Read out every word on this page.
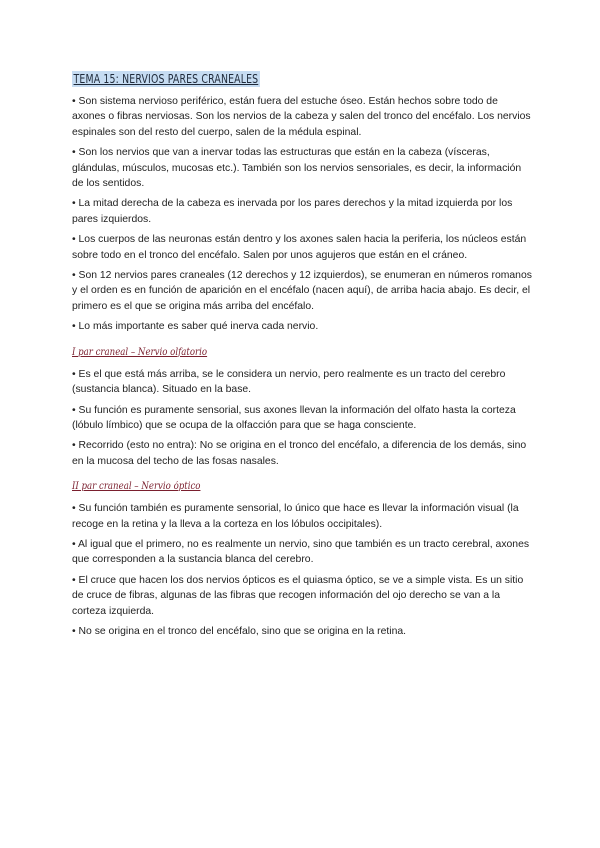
TEMA 15: NERVIOS PARES CRANEALES

• Son sistema nervioso periférico, están fuera del estuche óseo. Están hechos sobre todo de axones o fibras nerviosas. Son los nervios de la cabeza y salen del tronco del encéfalo. Los nervios espinales son del resto del cuerpo, salen de la médula espinal.

• Son los nervios que van a inervar todas las estructuras que están en la cabeza (vísceras, glándulas, músculos, mucosas etc.). También son los nervios sensoriales, es decir, la información de los sentidos.

• La mitad derecha de la cabeza es inervada por los pares derechos y la mitad izquierda por los pares izquierdos.

• Los cuerpos de las neuronas están dentro y los axones salen hacia la periferia, los núcleos están sobre todo en el tronco del encéfalo. Salen por unos agujeros que están en el cráneo.

• Son 12 nervios pares craneales (12 derechos y 12 izquierdos), se enumeran en números romanos y el orden es en función de aparición en el encéfalo (nacen aquí), de arriba hacia abajo. Es decir, el primero es el que se origina más arriba del encéfalo.

• Lo más importante es saber qué inerva cada nervio.

I par craneal – Nervio olfatorio

• Es el que está más arriba, se le considera un nervio, pero realmente es un tracto del cerebro (sustancia blanca). Situado en la base.

• Su función es puramente sensorial, sus axones llevan la información del olfato hasta la corteza (lóbulo límbico) que se ocupa de la olfacción para que se haga consciente.

• Recorrido (esto no entra): No se origina en el tronco del encéfalo, a diferencia de los demás, sino en la mucosa del techo de las fosas nasales.

II par craneal – Nervio óptico

• Su función también es puramente sensorial, lo único que hace es llevar la información visual (la recoge en la retina y la lleva a la corteza en los lóbulos occipitales).

• Al igual que el primero, no es realmente un nervio, sino que también es un tracto cerebral, axones que corresponden a la sustancia blanca del cerebro.

• El cruce que hacen los dos nervios ópticos es el quiasma óptico, se ve a simple vista. Es un sitio de cruce de fibras, algunas de las fibras que recogen información del ojo derecho se van a la corteza izquierda.

• No se origina en el tronco del encéfalo, sino que se origina en la retina.
